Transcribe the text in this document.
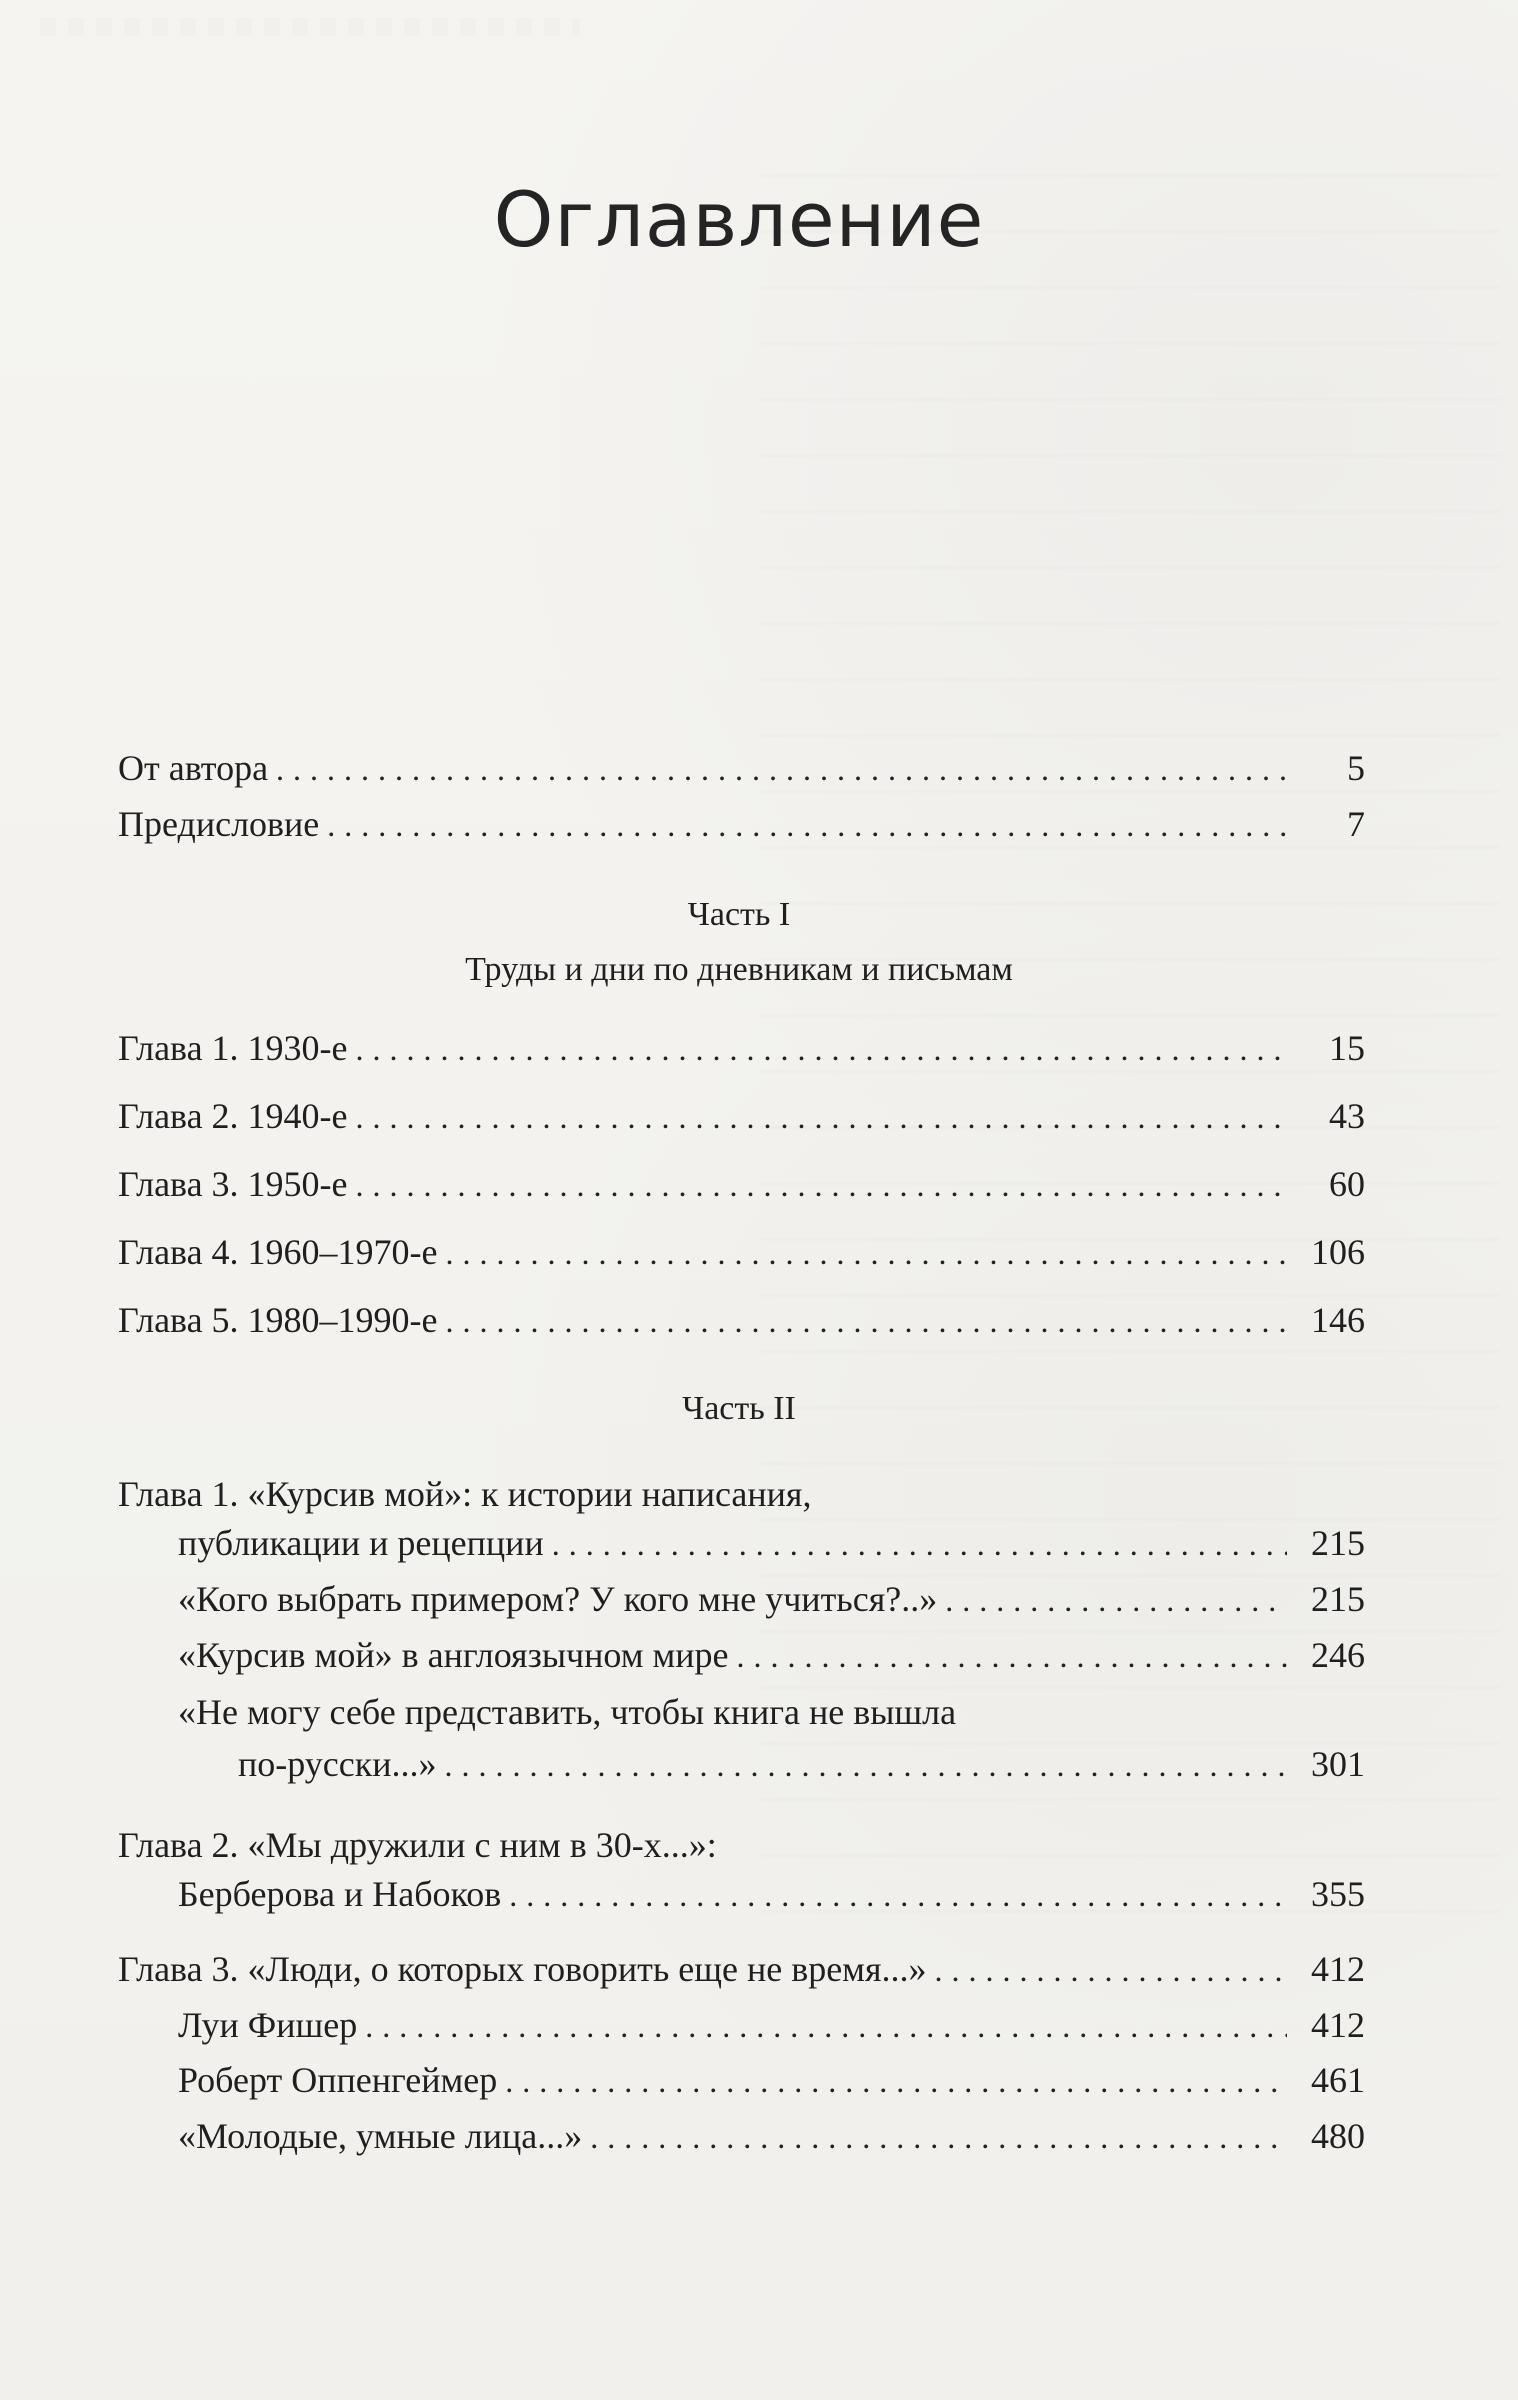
Оглавление
От автора . . .	5
Предисловие . . .	7
Часть I
Труды и дни по дневникам и письмам
Глава 1. 1930-е . . .	15
Глава 2. 1940-е . . .	43
Глава 3. 1950-е . . .	60
Глава 4. 1960–1970-е . . .	106
Глава 5. 1980–1990-е . . .	146
Часть II
Глава 1. «Курсив мой»: к истории написания,
публикации и рецепции . . .	215
«Кого выбрать примером? У кого мне учиться?..» . . .	215
«Курсив мой» в англоязычном мире . . .	246
«Не могу себе представить, чтобы книга не вышла
по-русски...» . . .	301
Глава 2. «Мы дружили с ним в 30-х...»:
Берберова и Набоков . . .	355
Глава 3. «Люди, о которых говорить еще не время...» . . .	412
Луи Фишер . . .	412
Роберт Оппенгеймер . . .	461
«Молодые, умные лица...» . . .	480
